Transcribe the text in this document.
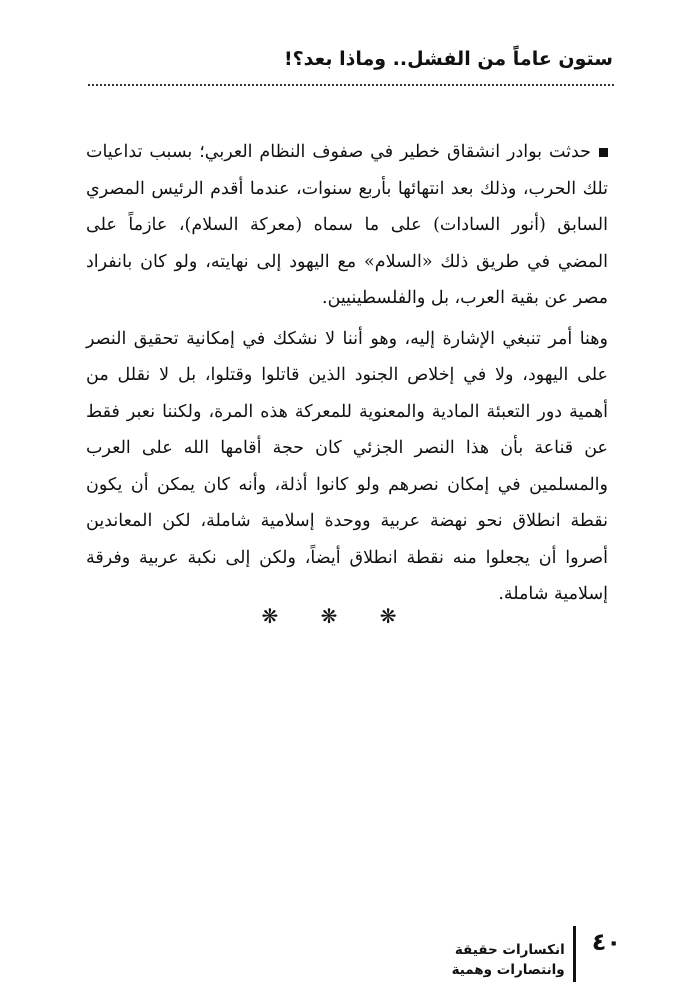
ستون عاماً من الفشل.. وماذا بعد؟!

حدثت بوادر انشقاق خطير في صفوف النظام العربي؛ بسبب تداعيات تلك الحرب، وذلك بعد انتهائها بأربع سنوات، عندما أقدم الرئيس المصري السابق (أنور السادات) على ما سماه (معركة السلام)، عازماً على المضي في طريق ذلك «السلام» مع اليهود إلى نهايته، ولو كان بانفراد مصر عن بقية العرب، بل والفلسطينيين.

وهنا أمر تنبغي الإشارة إليه، وهو أننا لا نشكك في إمكانية تحقيق النصر على اليهود، ولا في إخلاص الجنود الذين قاتلوا وقتلوا، بل لا نقلل من أهمية دور التعبئة المادية والمعنوية للمعركة هذه المرة، ولكننا نعبر فقط عن قناعة بأن هذا النصر الجزئي كان حجة أقامها الله على العرب والمسلمين في إمكان نصرهم ولو كانوا أذلة، وأنه كان يمكن أن يكون نقطة انطلاق نحو نهضة عربية ووحدة إسلامية شاملة، لكن المعاندين أصروا أن يجعلوا منه نقطة انطلاق أيضاً، ولكن إلى نكبة عربية وفرقة إسلامية شاملة.

❋ ❋ ❋
٤٠
انكسارات حقيقة
وانتصارات وهمية
